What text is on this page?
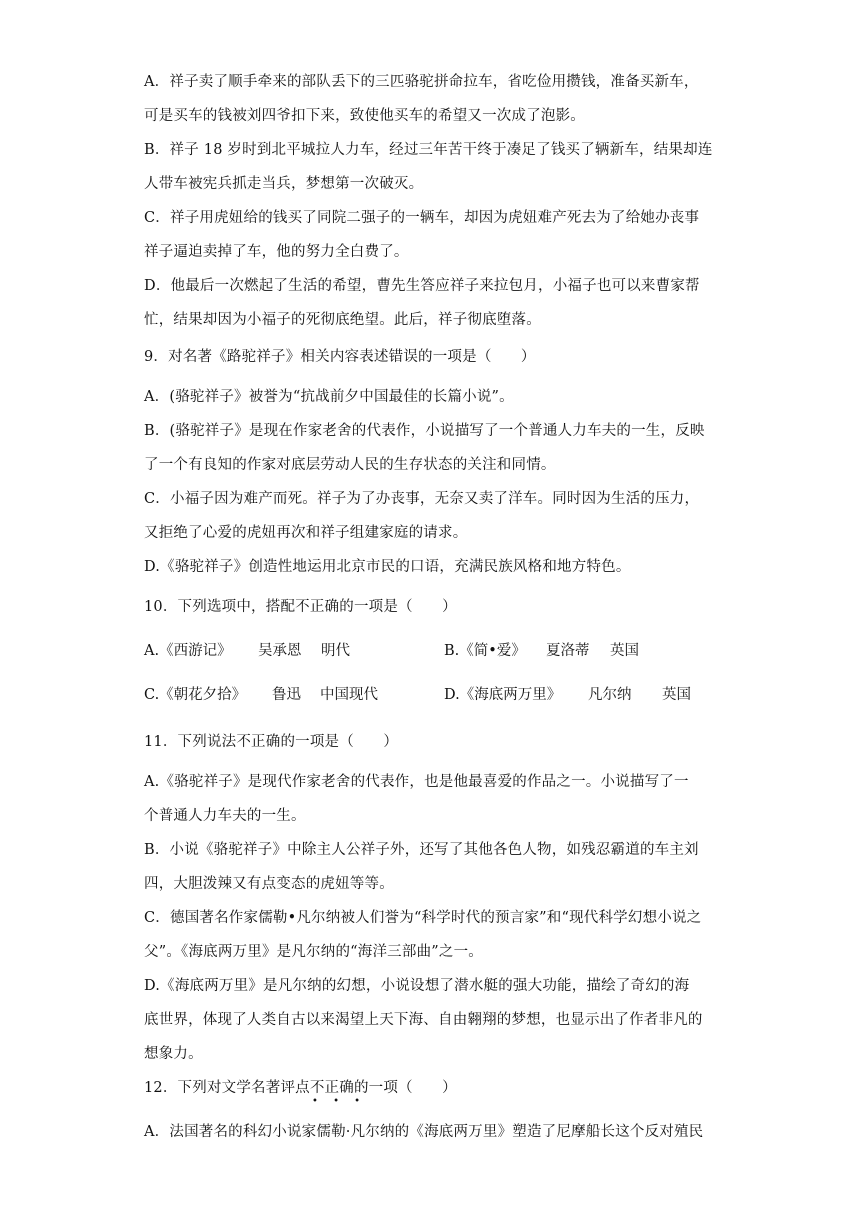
A．祥子卖了顺手牵来的部队丢下的三匹骆驼拼命拉车，省吃俭用攒钱，准备买新车，
可是买车的钱被刘四爷扣下来，致使他买车的希望又一次成了泡影。
B．祥子 18 岁时到北平城拉人力车，经过三年苦干终于凑足了钱买了辆新车，结果却连
人带车被宪兵抓走当兵，梦想第一次破灭。
C．祥子用虎妞给的钱买了同院二强子的一辆车，却因为虎妞难产死去为了给她办丧事
祥子逼迫卖掉了车，他的努力全白费了。
D．他最后一次燃起了生活的希望，曹先生答应祥子来拉包月，小福子也可以来曹家帮
忙，结果却因为小福子的死彻底绝望。此后，祥子彻底堕落。
9．对名著《路驼祥子》相关内容表述错误的一项是（　　）
A．(骆驼祥子》被誉为“抗战前夕中国最佳的长篇小说”。
B．(骆驼祥子》是现在作家老舍的代表作，小说描写了一个普通人力车夫的一生，反映
了一个有良知的作家对底层劳动人民的生存状态的关注和同情。
C．小福子因为难产而死。祥子为了办丧事，无奈又卖了洋车。同时因为生活的压力，
又拒绝了心爱的虎妞再次和祥子组建家庭的请求。
D.《骆驼祥子》创造性地运用北京市民的口语，充满民族风格和地方特色。
10．下列选项中，搭配不正确的一项是（　　）
A.《西游记》 吴承恩 明代	B.《简•爱》 夏洛蒂 英国
C.《朝花夕拾》 鲁迅 中国现代	D.《海底两万里》 凡尔纳 英国
11．下列说法不正确的一项是（　　）
A.《骆驼祥子》是现代作家老舍的代表作，也是他最喜爱的作品之一。小说描写了一
个普通人力车夫的一生。
B．小说《骆驼祥子》中除主人公祥子外，还写了其他各色人物，如残忍霸道的车主刘
四，大胆泼辣又有点变态的虎妞等等。
C．德国著名作家儒勒•凡尔纳被人们誉为“科学时代的预言家”和“现代科学幻想小说之
父”。《海底两万里》是凡尔纳的“海洋三部曲”之一。
D.《海底两万里》是凡尔纳的幻想，小说设想了潜水艇的强大功能，描绘了奇幻的海
底世界，体现了人类自古以来渴望上天下海、自由翱翔的梦想，也显示出了作者非凡的
想象力。
12．下列对文学名著评点不正确的一项（　　）
• • •
A．法国著名的科幻小说家儒勒·凡尔纳的《海底两万里》塑造了尼摩船长这个反对殖民
